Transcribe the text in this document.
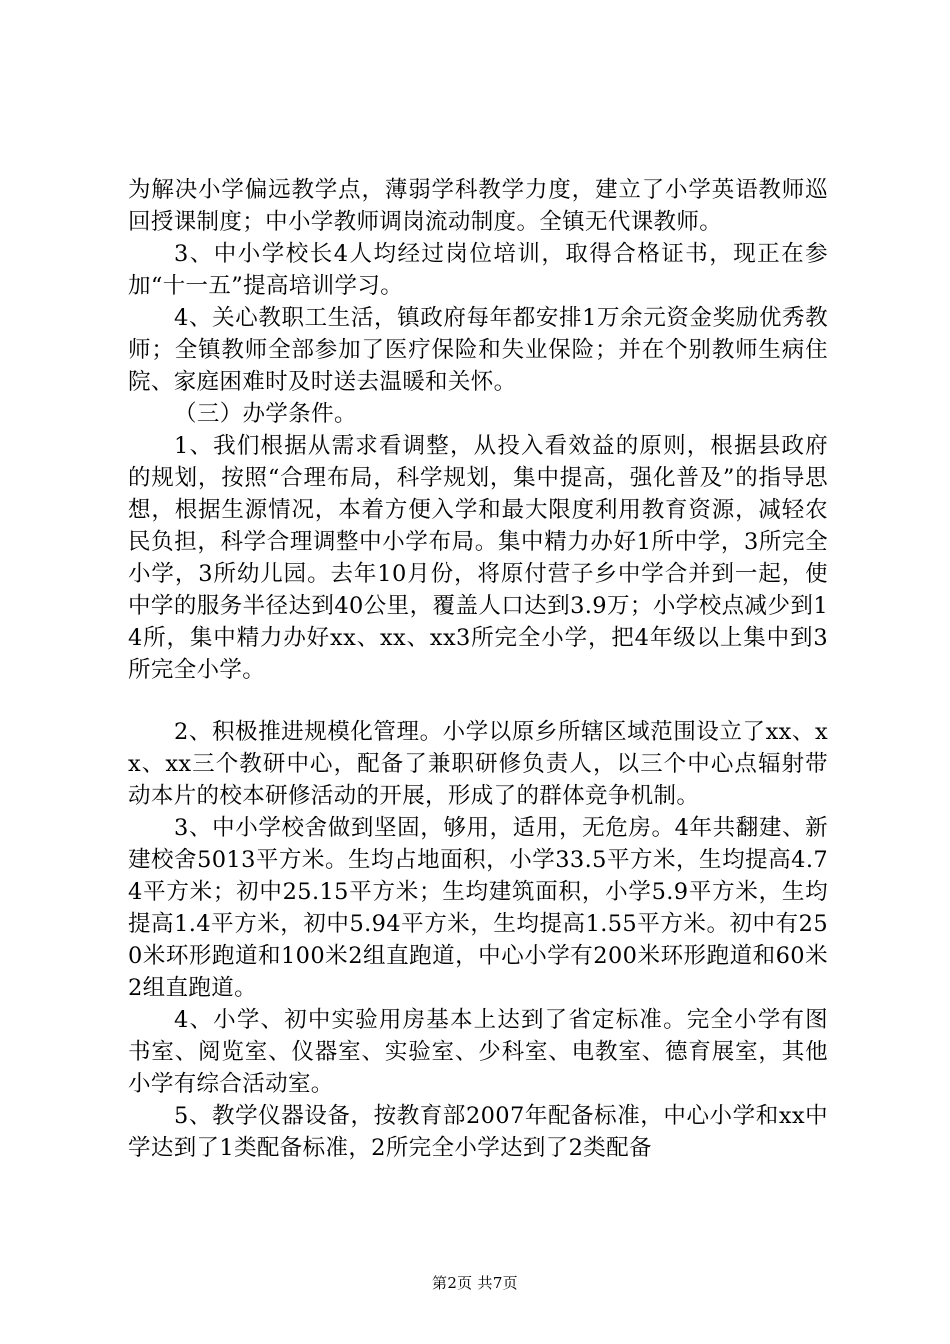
为解决小学偏远教学点，薄弱学科教学力度，建立了小学英语教师巡回授课制度；中小学教师调岗流动制度。全镇无代课教师。

3、中小学校长4人均经过岗位培训，取得合格证书，现正在参加“十一五”提高培训学习。

4、关心教职工生活，镇政府每年都安排1万余元资金奖励优秀教师；全镇教师全部参加了医疗保险和失业保险；并在个别教师生病住院、家庭困难时及时送去温暖和关怀。

（三）办学条件。

1、我们根据从需求看调整，从投入看效益的原则，根据县政府的规划，按照“合理布局，科学规划，集中提高，强化普及”的指导思想，根据生源情况，本着方便入学和最大限度利用教育资源，减轻农民负担，科学合理调整中小学布局。集中精力办好1所中学，3所完全小学，3所幼儿园。去年10月份，将原付营子乡中学合并到一起，使中学的服务半径达到40公里，覆盖人口达到3.9万；小学校点减少到14所，集中精力办好xx、xx、xx3所完全小学，把4年级以上集中到3所完全小学。

2、积极推进规模化管理。小学以原乡所辖区域范围设立了xx、xx、xx三个教研中心，配备了兼职研修负责人，以三个中心点辐射带动本片的校本研修活动的开展，形成了的群体竞争机制。

3、中小学校舍做到坚固，够用，适用，无危房。4年共翻建、新建校舍5013平方米。生均占地面积，小学33.5平方米，生均提高4.74平方米；初中25.15平方米；生均建筑面积，小学5.9平方米，生均提高1.4平方米，初中5.94平方米，生均提高1.55平方米。初中有250米环形跑道和100米2组直跑道，中心小学有200米环形跑道和60米2组直跑道。

4、小学、初中实验用房基本上达到了省定标准。完全小学有图书室、阅览室、仪器室、实验室、少科室、电教室、德育展室，其他小学有综合活动室。

5、教学仪器设备，按教育部2007年配备标准，中心小学和xx中学达到了1类配备标准，2所完全小学达到了2类配备

第2页 共7页
